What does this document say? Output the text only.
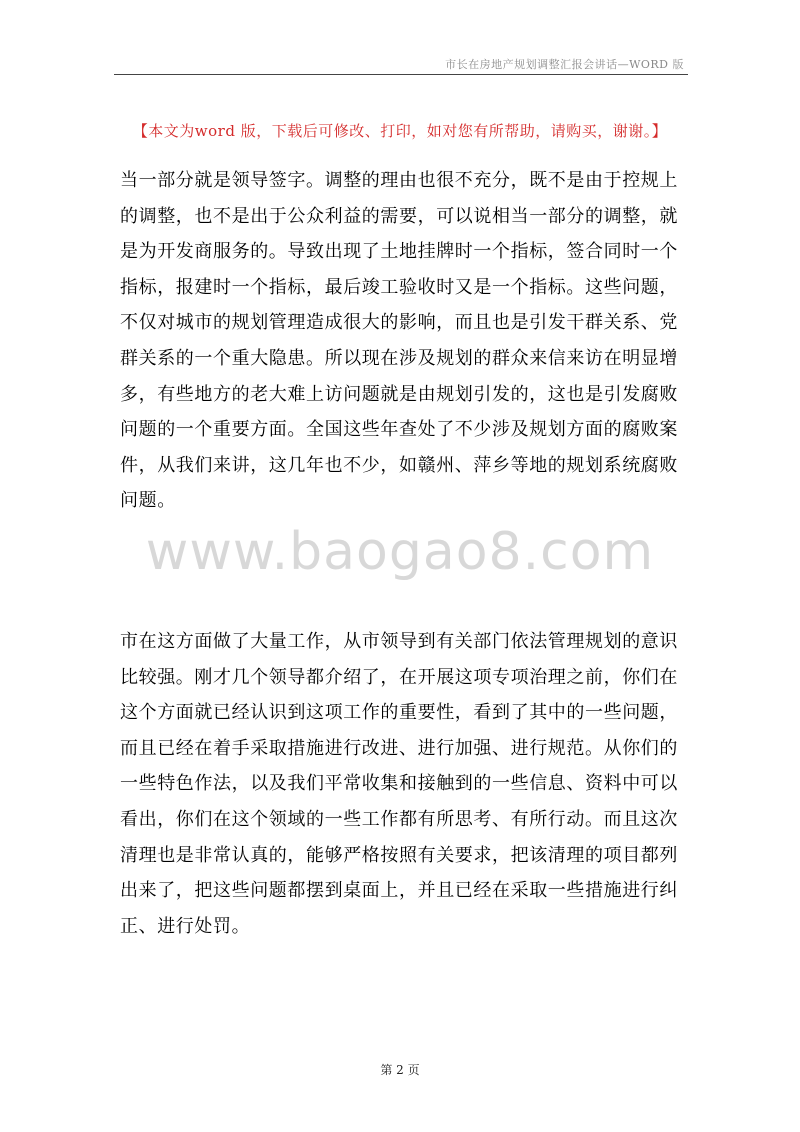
市长在房地产规划调整汇报会讲话—WORD 版
【本文为word 版，下载后可修改、打印，如对您有所帮助，请购买，谢谢。】
当一部分就是领导签字。调整的理由也很不充分，既不是由于控规上
的调整，也不是出于公众利益的需要，可以说相当一部分的调整，就
是为开发商服务的。导致出现了土地挂牌时一个指标，签合同时一个
指标，报建时一个指标，最后竣工验收时又是一个指标。这些问题，
不仅对城市的规划管理造成很大的影响，而且也是引发干群关系、党
群关系的一个重大隐患。所以现在涉及规划的群众来信来访在明显增
多，有些地方的老大难上访问题就是由规划引发的，这也是引发腐败
问题的一个重要方面。全国这些年查处了不少涉及规划方面的腐败案
件，从我们来讲，这几年也不少，如赣州、萍乡等地的规划系统腐败
问题。
www.baogao8.com
市在这方面做了大量工作，从市领导到有关部门依法管理规划的意识
比较强。刚才几个领导都介绍了，在开展这项专项治理之前，你们在
这个方面就已经认识到这项工作的重要性，看到了其中的一些问题，
而且已经在着手采取措施进行改进、进行加强、进行规范。从你们的
一些特色作法，以及我们平常收集和接触到的一些信息、资料中可以
看出，你们在这个领域的一些工作都有所思考、有所行动。而且这次
清理也是非常认真的，能够严格按照有关要求，把该清理的项目都列
出来了，把这些问题都摆到桌面上，并且已经在采取一些措施进行纠
正、进行处罚。
第 2 页
